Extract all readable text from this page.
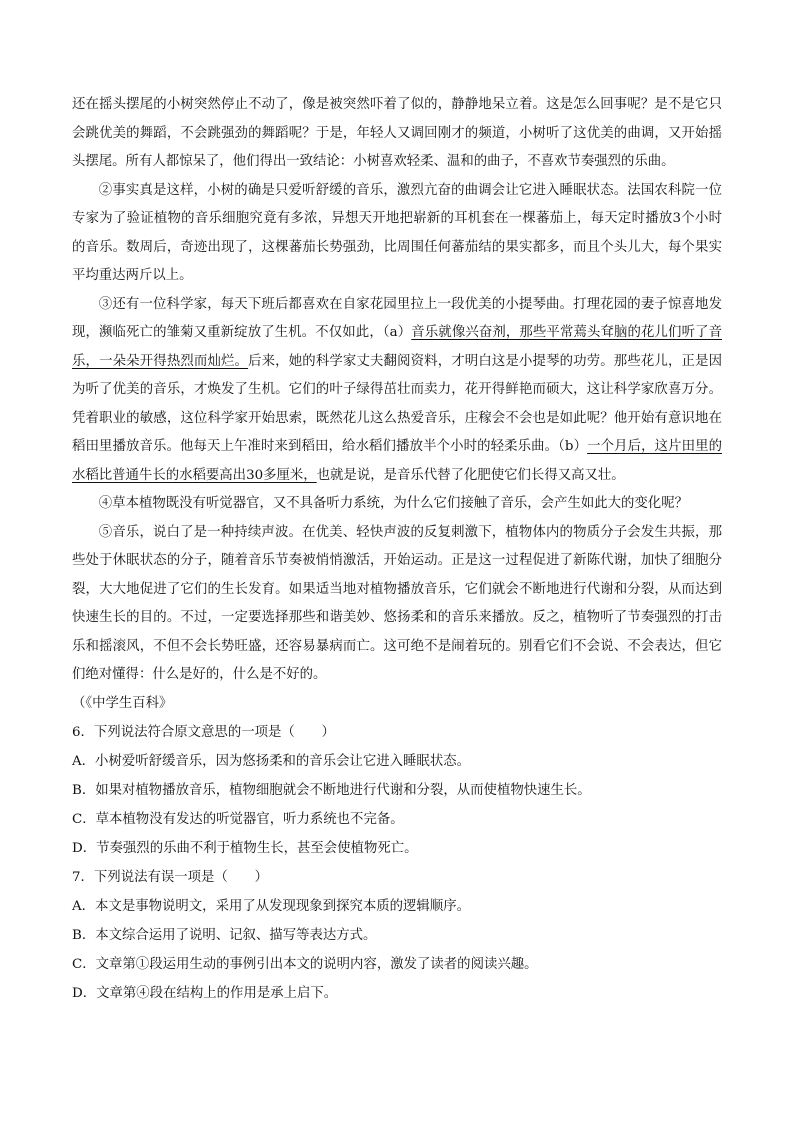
还在摇头摆尾的小树突然停止不动了，像是被突然吓着了似的，静静地呆立着。这是怎么回事呢？是不是它只会跳优美的舞蹈，不会跳强劲的舞蹈呢？于是，年轻人又调回刚才的频道，小树听了这优美的曲调，又开始摇头摆尾。所有人都惊呆了，他们得出一致结论：小树喜欢轻柔、温和的曲子，不喜欢节奏强烈的乐曲。

②事实真是这样，小树的确是只爱听舒缓的音乐，激烈亢奋的曲调会让它进入睡眠状态。法国农科院一位专家为了验证植物的音乐细胞究竟有多浓，异想天开地把崭新的耳机套在一棵蕃茄上，每天定时播放3个小时的音乐。数周后，奇迹出现了，这棵蕃茄长势强劲，比周围任何蕃茄结的果实都多，而且个头儿大，每个果实平均重达两斤以上。

③还有一位科学家，每天下班后都喜欢在自家花园里拉上一段优美的小提琴曲。打理花园的妻子惊喜地发现，濒临死亡的雏菊又重新绽放了生机。不仅如此，（a）音乐就像兴奋剂，那些平常蔫头耷脑的花儿们听了音乐，一朵朵开得热烈而灿烂。后来，她的科学家丈夫翻阅资料，才明白这是小提琴的功劳。那些花儿，正是因为听了优美的音乐，才焕发了生机。它们的叶子绿得茁壮而卖力，花开得鲜艳而硕大，这让科学家欣喜万分。凭着职业的敏感，这位科学家开始思索，既然花儿这么热爱音乐，庄稼会不会也是如此呢？他开始有意识地在稻田里播放音乐。他每天上午准时来到稻田，给水稻们播放半个小时的轻柔乐曲。（b）一个月后，这片田里的水稻比普通牛长的水稻要高出30多厘米，也就是说，是音乐代替了化肥使它们长得又高又壮。

④草本植物既没有听觉器官，又不具备听力系统，为什么它们接触了音乐，会产生如此大的变化呢？

⑤音乐，说白了是一种持续声波。在优美、轻快声波的反复刺激下，植物体内的物质分子会发生共振，那些处于休眠状态的分子，随着音乐节奏被悄悄激活，开始运动。正是这一过程促进了新陈代谢，加快了细胞分裂，大大地促进了它们的生长发育。如果适当地对植物播放音乐，它们就会不断地进行代谢和分裂，从而达到快速生长的目的。不过，一定要选择那些和谐美妙、悠扬柔和的音乐来播放。反之，植物听了节奏强烈的打击乐和摇滚风，不但不会长势旺盛，还容易暴病而亡。这可绝不是闹着玩的。别看它们不会说、不会表达，但它们绝对懂得：什么是好的，什么是不好的。

（《中学生百科》

6．下列说法符合原文意思的一项是（　　）

A．小树爱听舒缓音乐，因为悠扬柔和的音乐会让它进入睡眠状态。

B．如果对植物播放音乐，植物细胞就会不断地进行代谢和分裂，从而使植物快速生长。

C．草本植物没有发达的听觉器官，听力系统也不完备。

D．节奏强烈的乐曲不利于植物生长，甚至会使植物死亡。

7．下列说法有误一项是（　　）

A．本文是事物说明文，采用了从发现现象到探究本质的逻辑顺序。

B．本文综合运用了说明、记叙、描写等表达方式。

C．文章第①段运用生动的事例引出本文的说明内容，激发了读者的阅读兴趣。

D．文章第④段在结构上的作用是承上启下。
